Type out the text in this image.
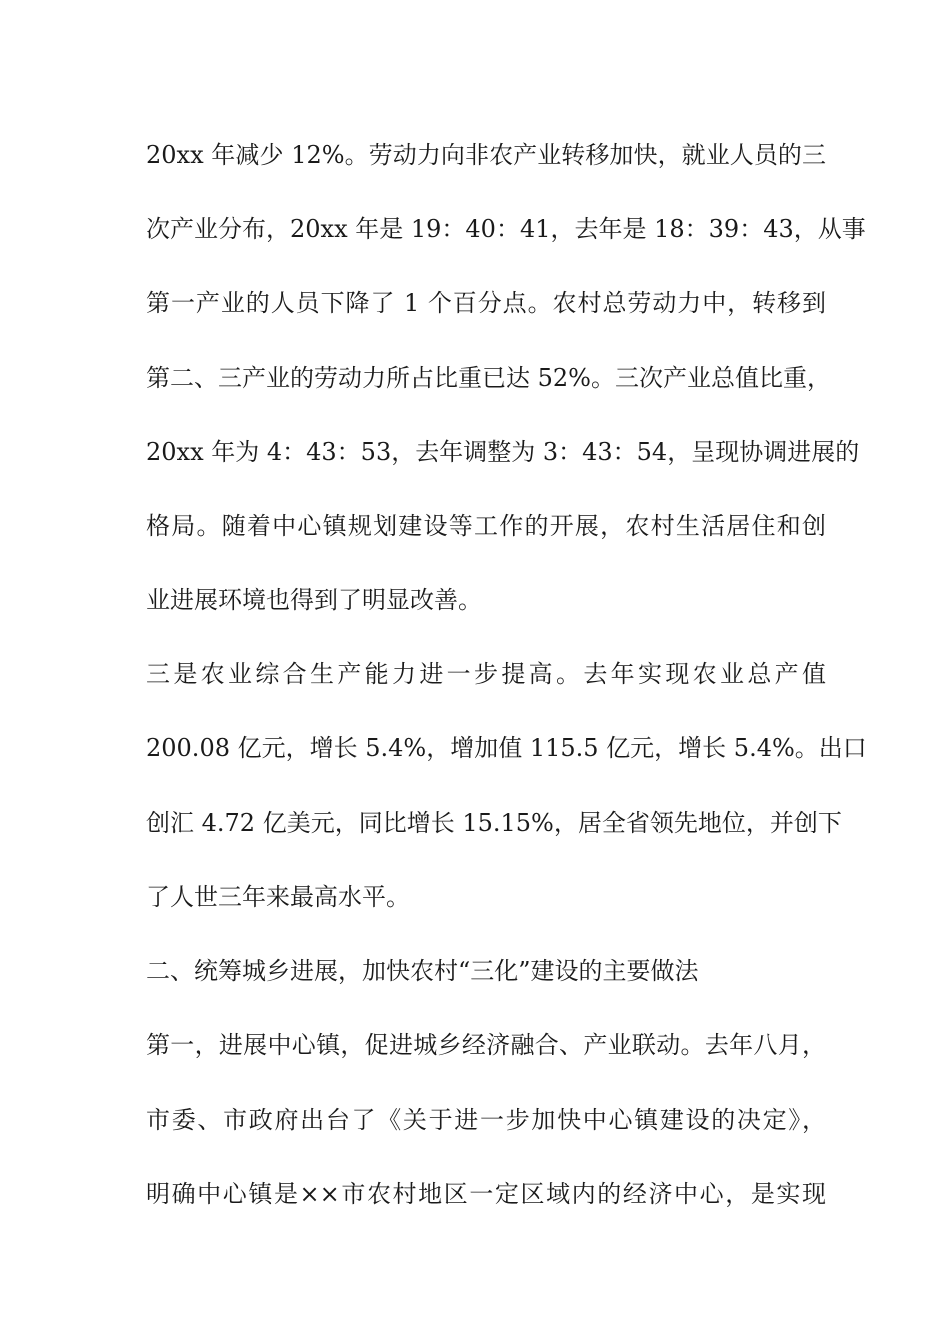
20xx 年减少 12%。劳动力向非农产业转移加快，就业人员的三
次产业分布，20xx 年是 19：40：41，去年是 18：39：43，从事
第一产业的人员下降了 1 个百分点。农村总劳动力中，转移到
第二、三产业的劳动力所占比重已达 52%。三次产业总值比重，
20xx 年为 4：43：53，去年调整为 3：43：54，呈现协调进展的
格局。随着中心镇规划建设等工作的开展，农村生活居住和创
业进展环境也得到了明显改善。
三是农业综合生产能力进一步提高。去年实现农业总产值
200.08 亿元，增长 5.4%，增加值 115.5 亿元，增长 5.4%。出口
创汇 4.72 亿美元，同比增长 15.15%，居全省领先地位，并创下
了人世三年来最高水平。
二、统筹城乡进展，加快农村“三化”建设的主要做法
第一，进展中心镇，促进城乡经济融合、产业联动。去年八月，
市委、市政府出台了《关于进一步加快中心镇建设的决定》，
明确中心镇是××市农村地区一定区域内的经济中心，是实现
